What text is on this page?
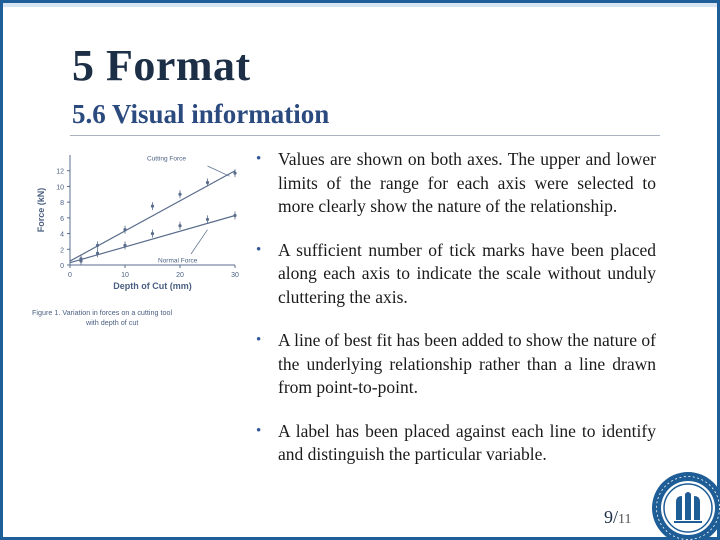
5 Format
5.6 Visual information
0
2
4
6
8
10
12
0	10	20	30
Depth of Cut (mm)
Force (kN)
Cutting Force
Normal Force
Figure 1. Variation in forces on a cutting tool
with depth of cut
• Values are shown on both axes. The upper and lower limits of the range for each axis were selected to more clearly show the nature of the relationship.
• A sufficient number of tick marks have been placed along each axis to indicate the scale without unduly cluttering the axis.
• A line of best fit has been added to show the nature of the underlying relationship rather than a line drawn from point-to-point.
• A label has been placed against each line to identify and distinguish the particular variable.
9/11
